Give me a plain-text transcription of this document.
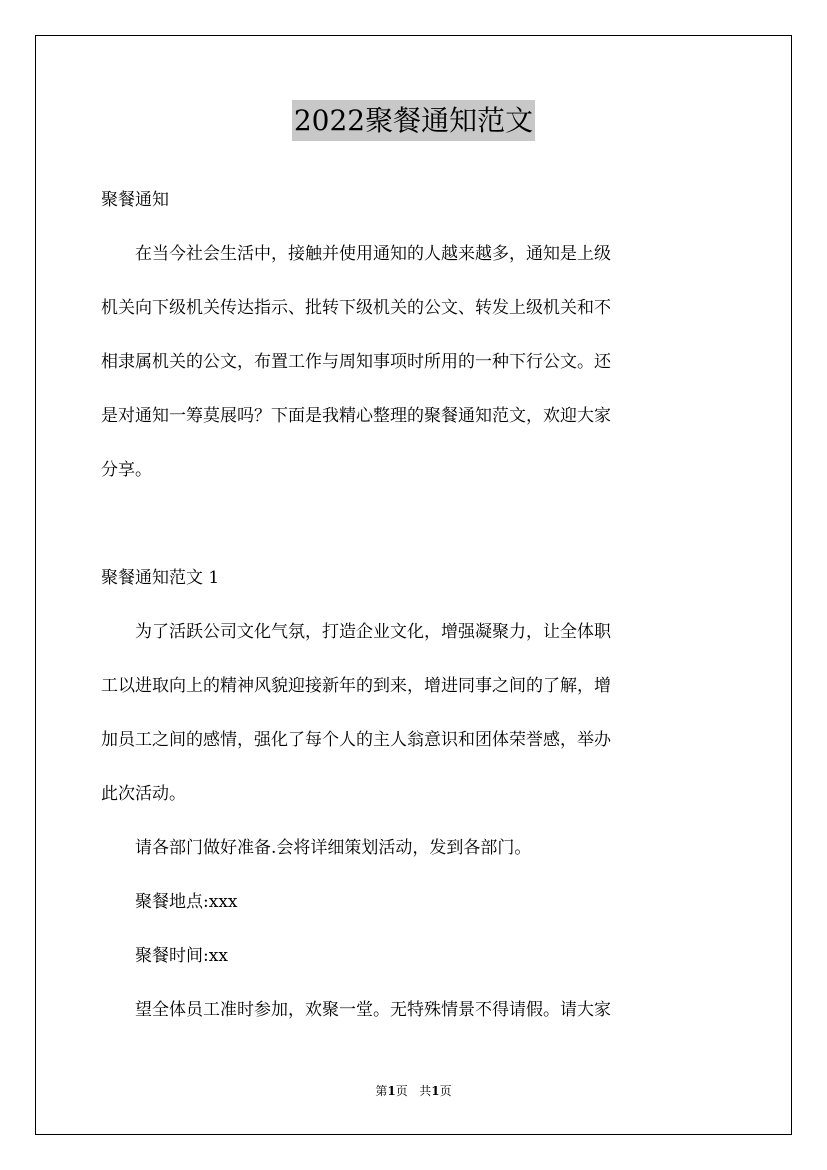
2022聚餐通知范文

聚餐通知

在当今社会生活中，接触并使用通知的人越来越多，通知是上级

机关向下级机关传达指示、批转下级机关的公文、转发上级机关和不

相隶属机关的公文，布置工作与周知事项时所用的一种下行公文。还

是对通知一筹莫展吗？下面是我精心整理的聚餐通知范文，欢迎大家

分享。

聚餐通知范文 1

为了活跃公司文化气氛，打造企业文化，增强凝聚力，让全体职

工以进取向上的精神风貌迎接新年的到来，增进同事之间的了解，增

加员工之间的感情，强化了每个人的主人翁意识和团体荣誉感，举办

此次活动。

请各部门做好准备.会将详细策划活动，发到各部门。

聚餐地点:xxx

聚餐时间:xx

望全体员工准时参加，欢聚一堂。无特殊情景不得请假。请大家

第1页 共1页
